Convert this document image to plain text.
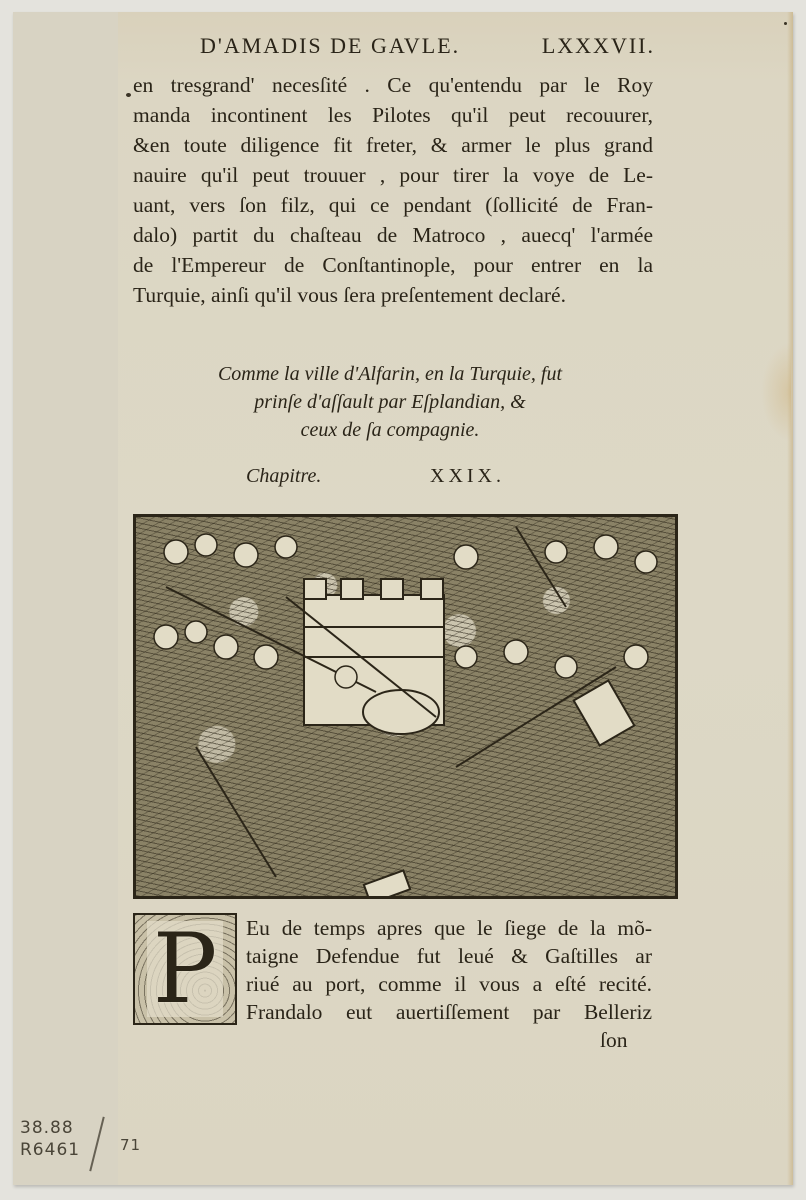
D'AMADIS DE GAVLE.	LXXXVII.
en tresgrand' necesſité . Ce qu'entendu par le Roy
manda incontinent les Pilotes qu'il peut recouurer,
&en toute diligence fit freter, & armer le plus grand
nauire qu'il peut trouuer , pour tirer la voye de Le-
uant, vers ſon filz, qui ce pendant (ſollicité de Fran-
dalo) partit du chaſteau de Matroco , auecq' l'armée
de l'Empereur de Conſtantinople, pour entrer en la
Turquie, ainſi qu'il vous ſera preſentement declaré.
Comme la ville d'Alfarin, en la Turquie, fut
prinſe d'aſſault par Eſplandian, &
ceux de ſa compagnie.
Chapitre.	XXIX.
P Eu de temps apres que le ſiege de la mõ-
taigne Defendue fut leué & Gaſtilles ar
riué au port, comme il vous a eſté recité.
Frandalo eut auertiſſement par Belleriz
ſon
38.88
R6461	71
